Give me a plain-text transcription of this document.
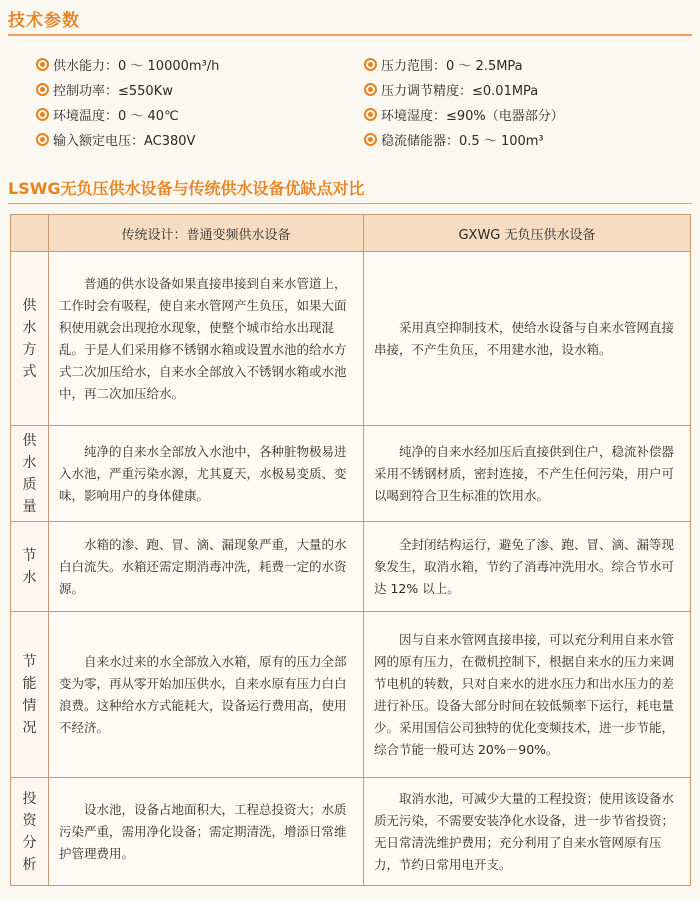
技术参数
供水能力：0 ～ 10000m³/h	压力范围：0 ～ 2.5MPa
控制功率：≤550Kw	压力调节精度：≤0.01MPa
环境温度：0 ～ 40℃	环境湿度：≤90%（电器部分）
输入额定电压：AC380V	稳流储能器：0.5 ～ 100m³
LSWG无负压供水设备与传统供水设备优缺点对比
	传统设计：普通变频供水设备	GXWG 无负压供水设备

供水方式	普通的供水设备如果直接串接到自来水管道上，工作时会有吸程，使自来水管网产生负压，如果大面积使用就会出现抢水现象，使整个城市给水出现混乱。于是人们采用修不锈钢水箱或设置水池的给水方式二次加压给水，自来水全部放入不锈钢水箱或水池中，再二次加压给水。	采用真空抑制技术，使给水设备与自来水管网直接串接，不产生负压，不用建水池，设水箱。

供水质量	纯净的自来水全部放入水池中，各种脏物极易进入水池，严重污染水源，尤其夏天，水极易变质、变味，影响用户的身体健康。	纯净的自来水经加压后直接供到住户，稳流补偿器采用不锈钢材质，密封连接，不产生任何污染，用户可以喝到符合卫生标准的饮用水。

节水	水箱的渗、跑、冒、滴、漏现象严重，大量的水白白流失。水箱还需定期消毒冲洗，耗费一定的水资源。	全封闭结构运行，避免了渗、跑、冒、滴、漏等现象发生，取消水箱，节约了消毒冲洗用水。综合节水可达 12% 以上。

节能情况	自来水过来的水全部放入水箱，原有的压力全部变为零，再从零开始加压供水，自来水原有压力白白浪费。这种给水方式能耗大，设备运行费用高，使用不经济。	因与自来水管网直接串接，可以充分利用自来水管网的原有压力，在微机控制下，根据自来水的压力来调节电机的转数，只对自来水的进水压力和出水压力的差进行补压。设备大部分时间在较低频率下运行，耗电量少。采用国信公司独特的优化变频技术，进一步节能，综合节能一般可达 20%－90%。

投资分析	设水池，设备占地面积大，工程总投资大；水质污染严重，需用净化设备；需定期清洗，增添日常维护管理费用。	取消水池，可减少大量的工程投资；使用该设备水质无污染，不需要安装净化水设备，进一步节省投资；无日常清洗维护费用；充分利用了自来水管网原有压力，节约日常用电开支。
